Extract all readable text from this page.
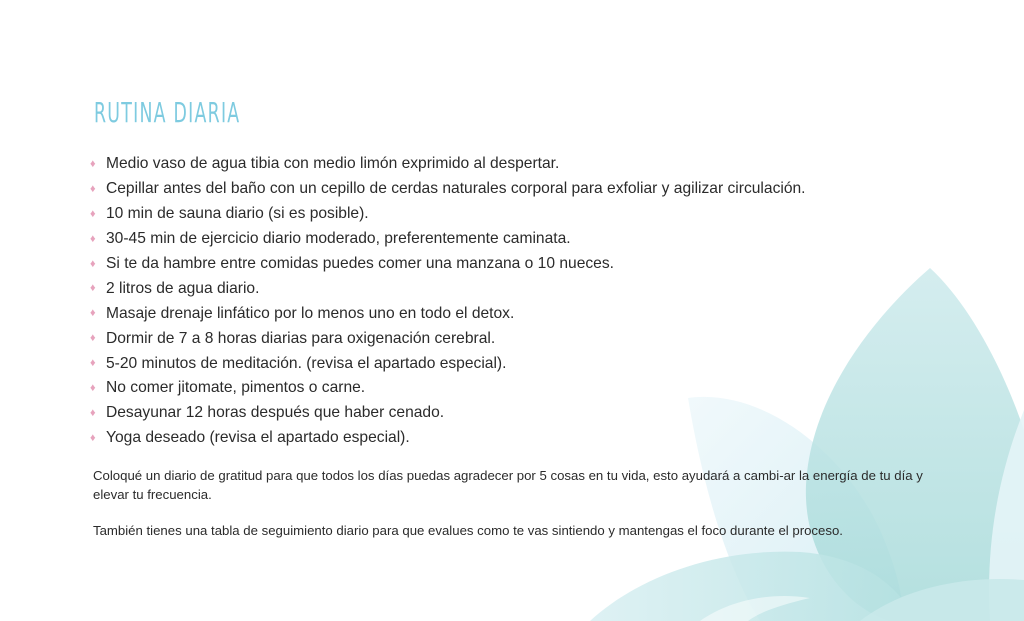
RUTINA DIARIA
♦ Medio vaso de agua tibia con medio limón exprimido al despertar.
♦ Cepillar antes del baño con un cepillo de cerdas naturales corporal para exfoliar y agilizar circulación.
♦ 10 min de sauna diario (si es posible).
♦ 30-45 min de ejercicio diario moderado, preferentemente caminata.
♦ Si te da hambre entre comidas puedes comer una manzana o 10 nueces.
♦ 2 litros de agua diario.
♦ Masaje drenaje linfático por lo menos uno en todo el detox.
♦ Dormir de 7 a 8 horas diarias para oxigenación cerebral.
♦ 5-20 minutos de meditación. (revisa el apartado especial).
♦ No comer jitomate, pimentos o carne.
♦ Desayunar 12 horas después que haber cenado.
♦ Yoga deseado (revisa el apartado especial).

Coloqué un diario de gratitud para que todos los días puedas agradecer por 5 cosas en tu vida, esto ayudará a cambi-ar la energía de tu día y elevar tu frecuencia.

También tienes una tabla de seguimiento diario para que evalues como te vas sintiendo y mantengas el foco durante el proceso.
